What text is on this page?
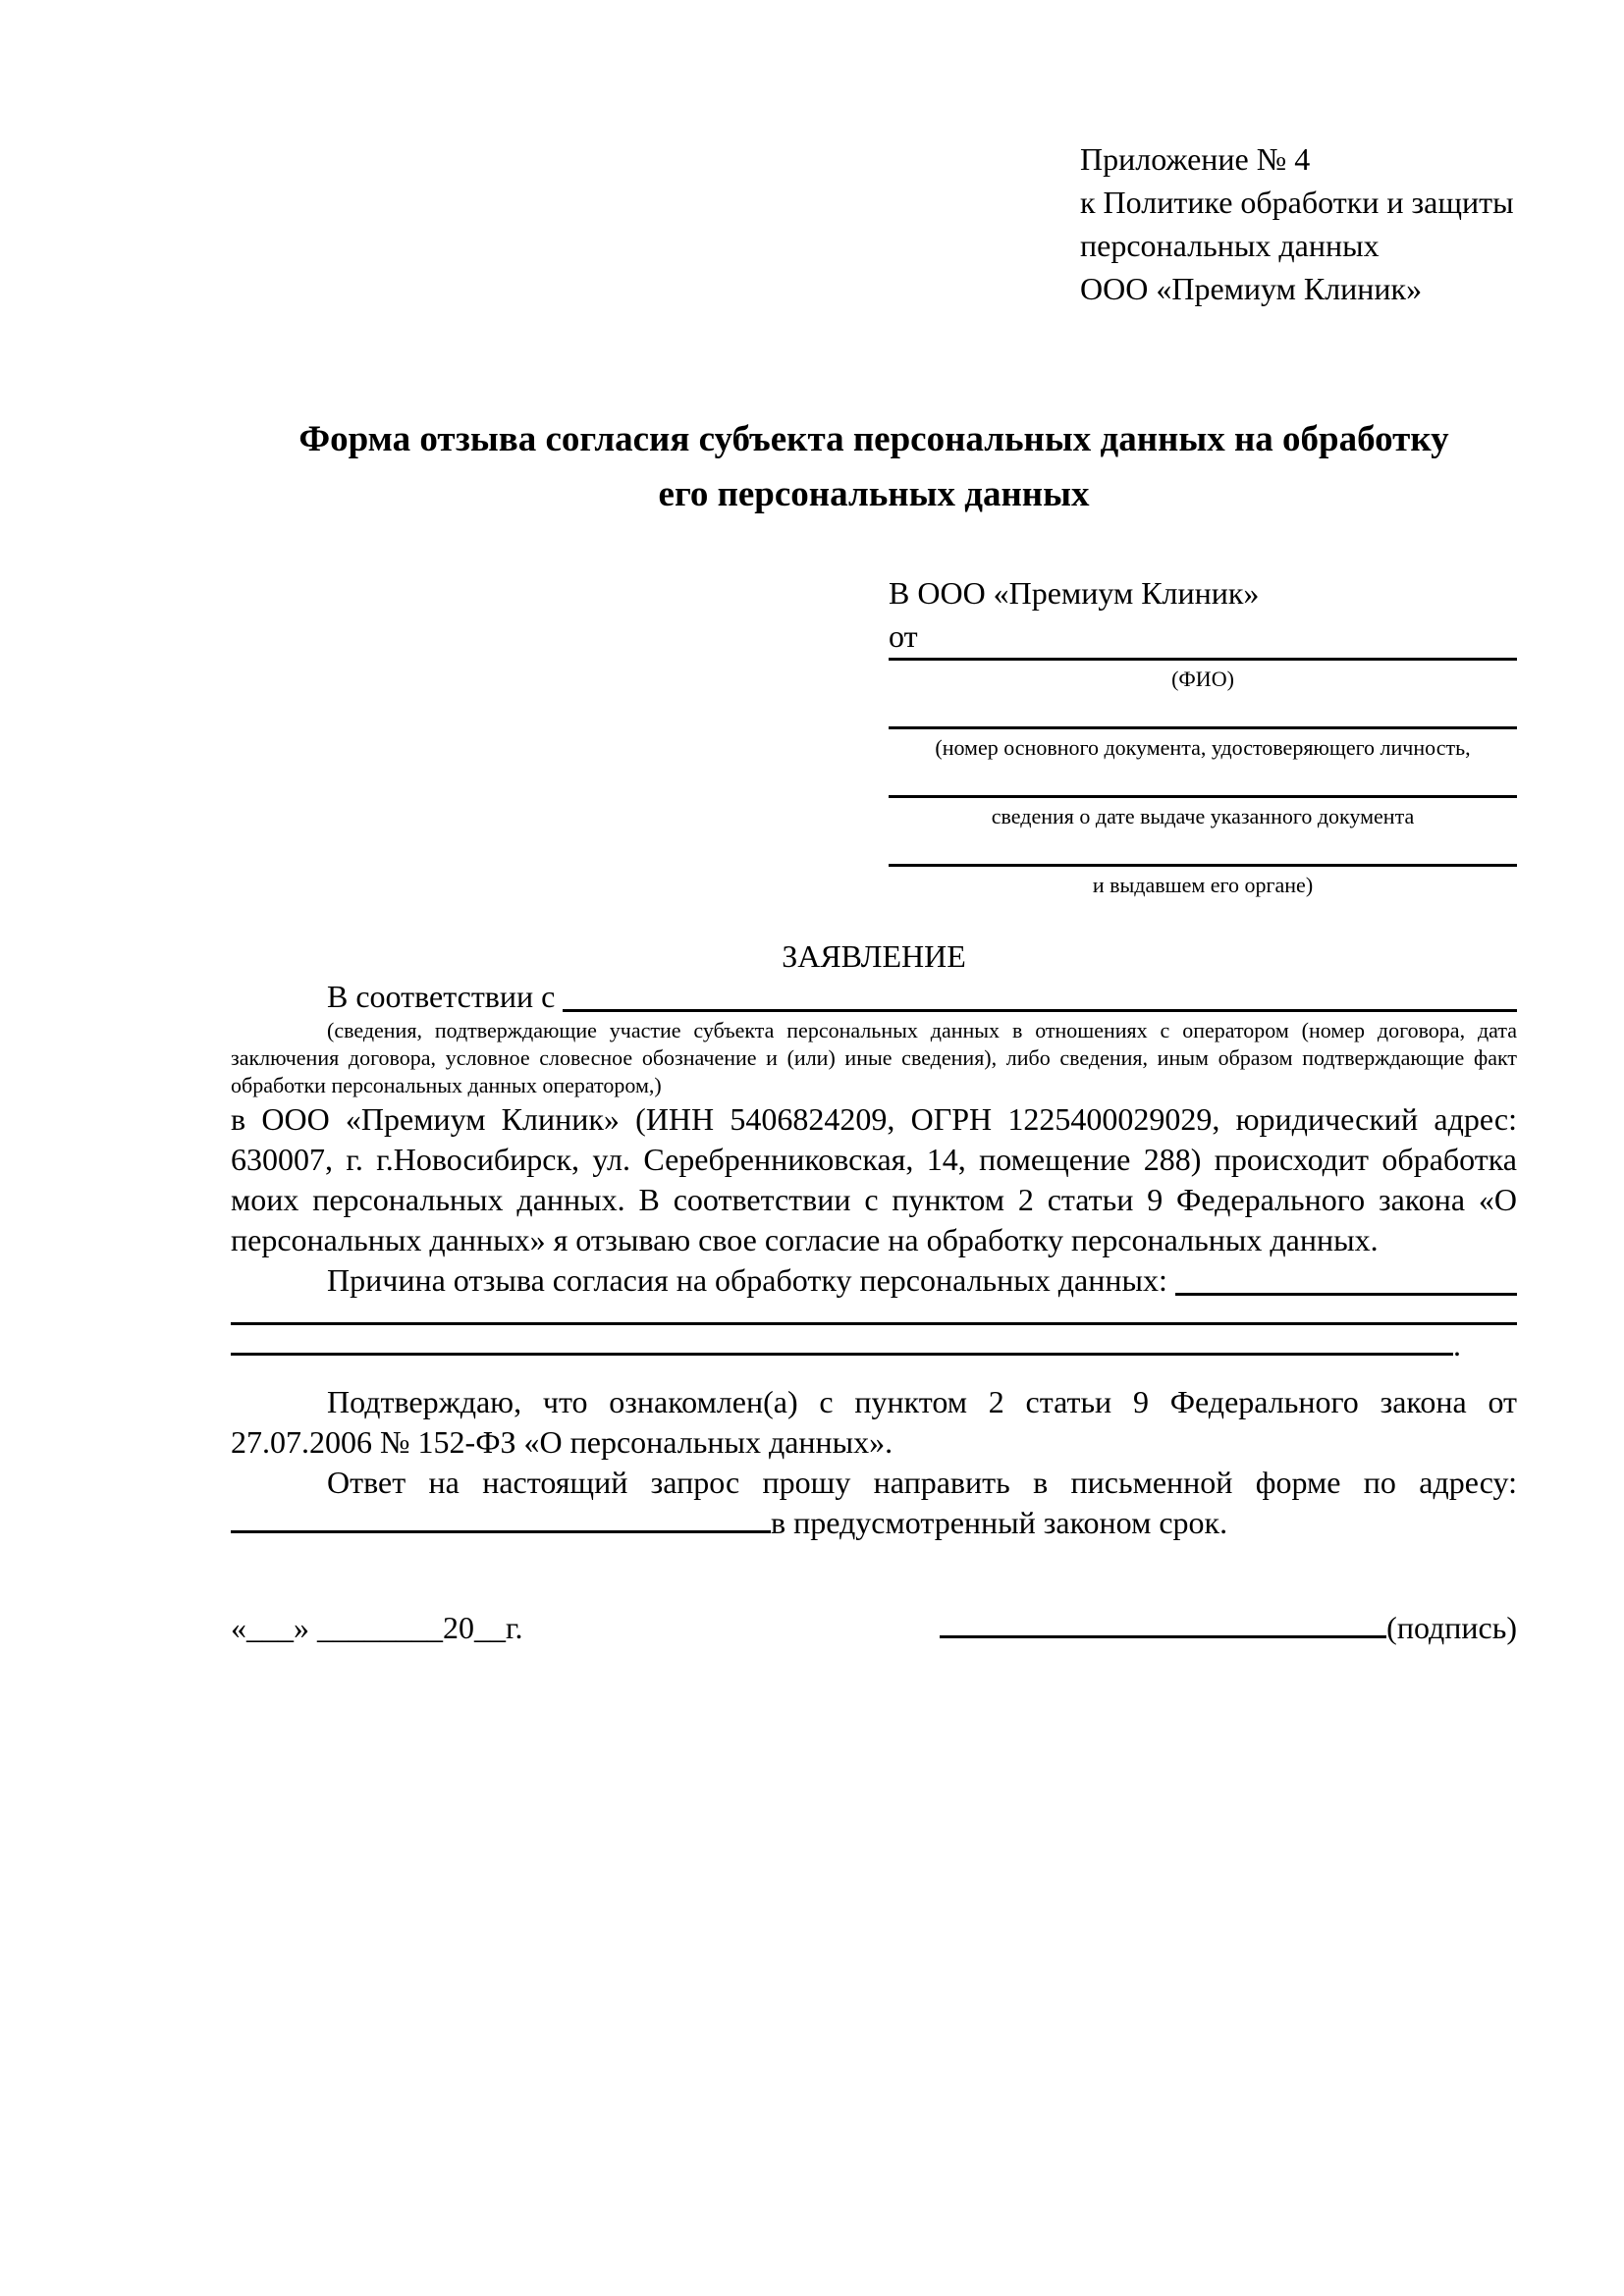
Приложение № 4
к Политике обработки и защиты
персональных данных
ООО «Премиум Клиник»
Форма отзыва согласия субъекта персональных данных на обработку
его персональных данных
В ООО «Премиум Клиник»
от
(ФИО)
(номер основного документа, удостоверяющего личность,
сведения о дате выдаче указанного документа
и выдавшем его органе)
ЗАЯВЛЕНИЕ
В соответствии с
(сведения, подтверждающие участие субъекта персональных данных в отношениях с оператором (номер договора, дата заключения договора, условное словесное обозначение и (или) иные сведения), либо сведения, иным образом подтверждающие факт обработки персональных данных оператором,)
в ООО «Премиум Клиник» (ИНН 5406824209, ОГРН 1225400029029, юридический адрес: 630007, г. г.Новосибирск, ул. Серебренниковская, 14, помещение 288) происходит обработка моих персональных данных. В соответствии с пунктом 2 статьи 9 Федерального закона «О персональных данных» я отзываю свое согласие на обработку персональных данных.
Причина отзыва согласия на обработку персональных данных:
.

Подтверждаю, что ознакомлен(а) с пунктом 2 статьи 9 Федерального закона от 27.07.2006 № 152-ФЗ «О персональных данных».

Ответ на настоящий запрос прошу направить в письменной форме по адресу: в предусмотренный законом срок.

«___» ________20__г.	(подпись)
